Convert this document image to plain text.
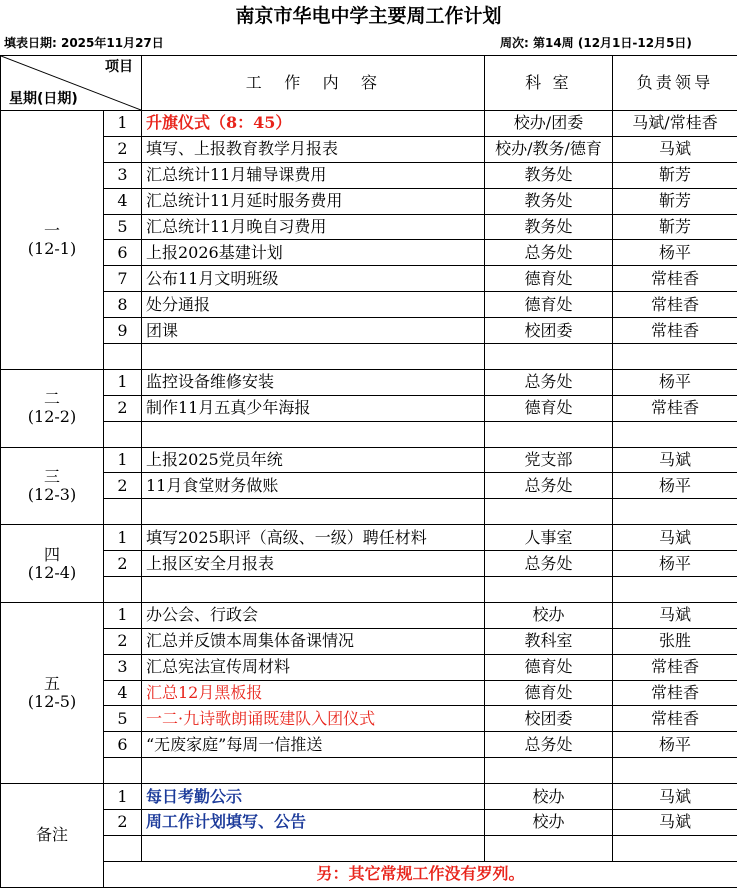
南京市华电中学主要周工作计划
填表日期: 2025年11月27日	周次: 第14周 (12月1日-12月5日)
项目
星期(日期)		工　作　内　容	科 室	负责领导

一
(12-1)	1	升旗仪式（8：45）	校办/团委	马斌/常桂香
	2	填写、上报教育教学月报表	校办/教务/德育	马斌
	3	汇总统计11月辅导课费用	教务处	靳芳
	4	汇总统计11月延时服务费用	教务处	靳芳
	5	汇总统计11月晚自习费用	教务处	靳芳
	6	上报2026基建计划	总务处	杨平
	7	公布11月文明班级	德育处	常桂香
	8	处分通报	德育处	常桂香
	9	团课	校团委	常桂香

二
(12-2)	1	监控设备维修安装	总务处	杨平
	2	制作11月五真少年海报	德育处	常桂香

三
(12-3)	1	上报2025党员年统	党支部	马斌
	2	11月食堂财务做账	总务处	杨平

四
(12-4)	1	填写2025职评（高级、一级）聘任材料	人事室	马斌
	2	上报区安全月报表	总务处	杨平

五
(12-5)	1	办公会、行政会	校办	马斌
	2	汇总并反馈本周集体备课情况	教科室	张胜
	3	汇总宪法宣传周材料	德育处	常桂香
	4	汇总12月黑板报	德育处	常桂香
	5	一二·九诗歌朗诵既建队入团仪式	校团委	常桂香
	6	“无废家庭”每周一信推送	总务处	杨平

备注	1	每日考勤公示	校办	马斌
	2	周工作计划填写、公告	校办	马斌

	另：其它常规工作没有罗列。			
